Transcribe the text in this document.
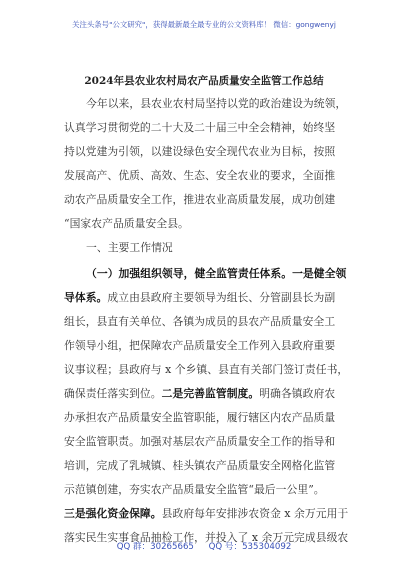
关注头条号"公文研究"，获得最新最全最专业的公文资料库！ 微信：gongwenyj
2024年县农业农村局农产品质量安全监管工作总结
今年以来，县农业农村局坚持以党的政治建设为统领，
认真学习贯彻党的二十大及二十届三中全会精神，始终坚
持以党建为引领，以建设绿色安全现代农业为目标，按照
发展高产、优质、高效、生态、安全农业的要求，全面推
动农产品质量安全工作，推进农业高质量发展，成功创建
“国家农产品质量安全县。
一、主要工作情况
（一）加强组织领导，健全监管责任体系。一是健全领
导体系。成立由县政府主要领导为组长、分管副县长为副
组长，县直有关单位、各镇为成员的县农产品质量安全工
作领导小组，把保障农产品质量安全工作列入县政府重要
议事议程；县政府与 x 个乡镇、县直有关部门签订责任书，
确保责任落实到位。二是完善监管制度。明确各镇政府农
办承担农产品质量安全监管职能，履行辖区内农产品质量
安全监管职责。加强对基层农产品质量安全工作的指导和
培训，完成了乳城镇、桂头镇农产品质量安全网格化监管
示范镇创建，夯实农产品质量安全监管“最后一公里”。
三是强化资金保障。县政府每年安排涉农资金 x 余万元用于
落实民生实事食品抽检工作，并投入了 x 余万元完成县级农
QQ 群：30265665 QQ 号：535304092
